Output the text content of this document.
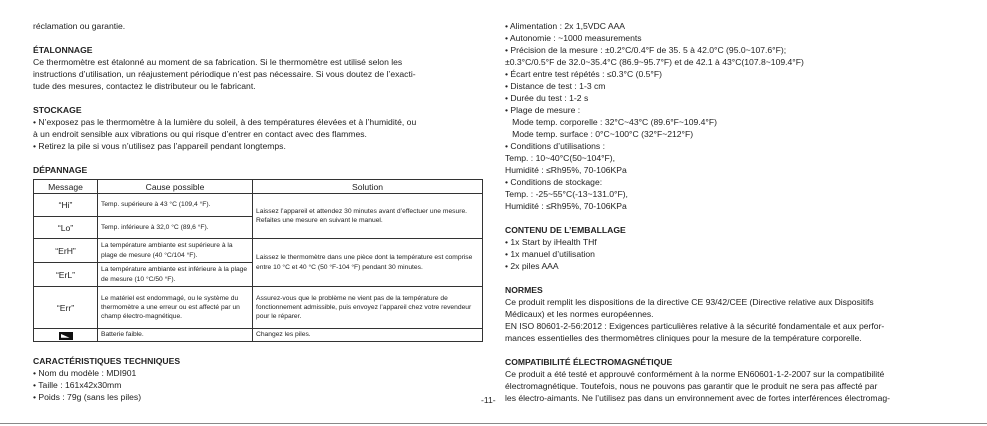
réclamation ou garantie.
ÉTALONNAGE
Ce thermomètre est étalonné au moment de sa fabrication. Si le thermomètre est utilisé selon les
instructions d’utilisation, un réajustement périodique n’est pas nécessaire. Si vous doutez de l’exacti-
tude des mesures, contactez le distributeur ou le fabricant.
STOCKAGE
• N’exposez pas le thermomètre à la lumière du soleil, à des températures élevées et à l’humidité, ou
à un endroit sensible aux vibrations ou qui risque d’entrer en contact avec des flammes.
• Retirez la pile si vous n’utilisez pas l’appareil pendant longtemps.
DÉPANNAGE
CARACTÉRISTIQUES TECHNIQUES
• Nom du modèle : MDI901
• Taille : 161x42x30mm
• Poids : 79g (sans les piles)
Message	Cause possible	Solution
“Hi”	Temp. supérieure à 43 °C (109,4 °F).	Laissez l’appareil et attendez 30 minutes avant d’effectuer une mesure. Refaites une mesure en suivant le manuel.
“Lo”	Temp. inférieure à 32,0 °C (89,6 °F).	
“ErH”	La température ambiante est supérieure à la plage de mesure (40 °C/104 °F).	Laissez le thermomètre dans une pièce dont la température est comprise entre 10 °C et 40 °C (50 °F-104 °F) pendant 30 minutes.
“ErL”	La température ambiante est inférieure à la plage de mesure (10 °C/50 °F).	
“Err”	Le matériel est endommagé, ou le système du thermomètre a une erreur ou est affecté par un champ électro-magnétique.	Assurez-vous que le problème ne vient pas de la température de fonctionnement admissible, puis envoyez l’appareil chez votre revendeur pour le réparer.
	Batterie faible.	Changez les piles.
• Alimentation : 2x 1,5VDC AAA
• Autonomie : ~1000 measurements
• Précision de la mesure : ±0.2°C/0.4°F de 35. 5 à 42.0°C (95.0~107.6°F);
±0.3°C/0.5°F de 32.0~35.4°C (86.9~95.7°F) et de 42.1 à 43°C(107.8~109.4°F)
• Écart entre test répétés : ≤0.3°C (0.5°F)
• Distance de test : 1-3 cm
• Durée du test : 1-2 s
• Plage de mesure :
Mode temp. corporelle : 32°C~43°C (89.6°F~109.4°F)
Mode temp. surface : 0°C~100°C (32°F~212°F)
• Conditions d’utilisations :
Temp. : 10~40°C(50~104°F),
Humidité : ≤Rh95%, 70-106KPa
• Conditions de stockage:
Temp. : -25~55°C(-13~131.0°F),
Humidité : ≤Rh95%, 70-106KPa
CONTENU DE L’EMBALLAGE
• 1x Start by iHealth THf
• 1x manuel d’utilisation
• 2x piles AAA
NORMES
Ce produit remplit les dispositions de la directive CE 93/42/CEE (Directive relative aux Dispositifs
Médicaux) et les normes européennes.
EN ISO 80601-2-56:2012 : Exigences particulières relative à la sécurité fondamentale et aux perfor-
mances essentielles des thermomètres cliniques pour la mesure de la température corporelle.
COMPATIBILITÉ ÉLECTROMAGNÉTIQUE
Ce produit a été testé et approuvé conformément à la norme EN60601-1-2-2007 sur la compatibilité
électromagnétique. Toutefois, nous ne pouvons pas garantir que le produit ne sera pas affecté par
les électro-aimants. Ne l’utilisez pas dans un environnement avec de fortes interférences électromag-
-11-
